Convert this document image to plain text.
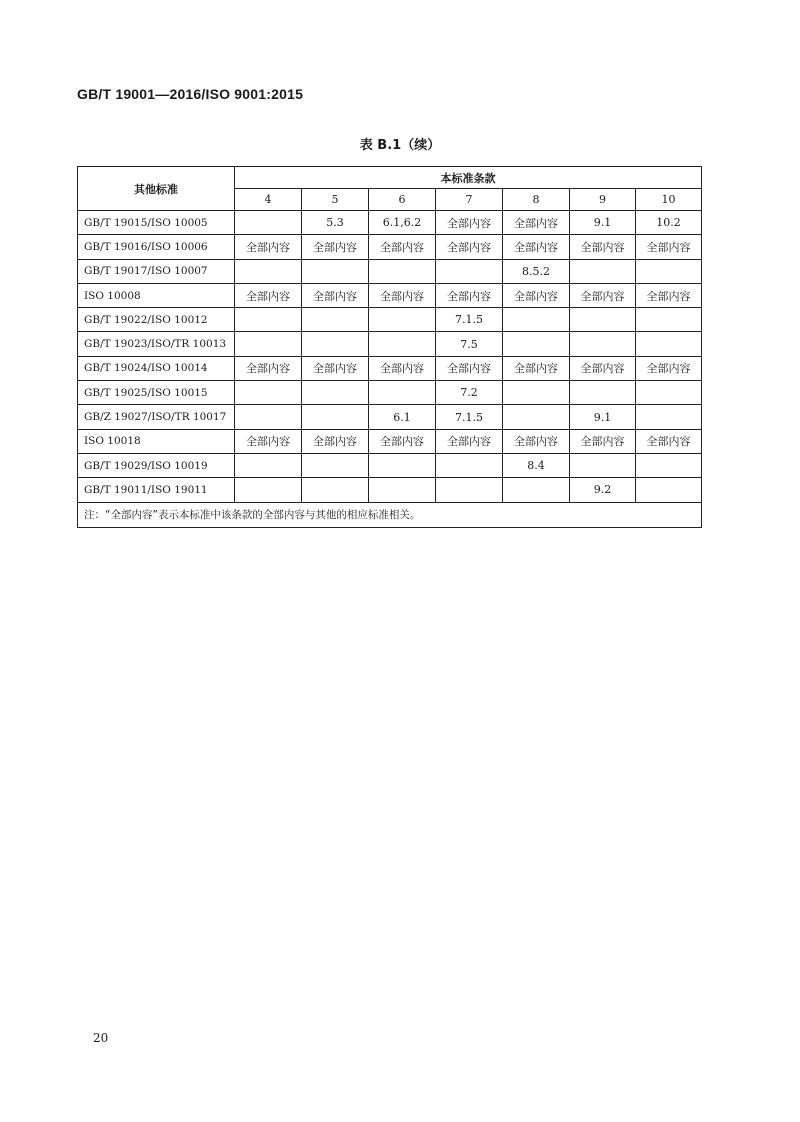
GB/T 19001—2016/ISO 9001:2015
表 B.1（续）
其他标准	本标准条款						
	4	5	6	7	8	9	10
GB/T 19015/ISO 10005		5.3	6.1,6.2	全部内容	全部内容	9.1	10.2
GB/T 19016/ISO 10006	全部内容	全部内容	全部内容	全部内容	全部内容	全部内容	全部内容
GB/T 19017/ISO 10007					8.5.2		
ISO 10008	全部内容	全部内容	全部内容	全部内容	全部内容	全部内容	全部内容
GB/T 19022/ISO 10012				7.1.5			
GB/T 19023/ISO/TR 10013				7.5			
GB/T 19024/ISO 10014	全部内容	全部内容	全部内容	全部内容	全部内容	全部内容	全部内容
GB/T 19025/ISO 10015				7.2			
GB/Z 19027/ISO/TR 10017			6.1	7.1.5		9.1	
ISO 10018	全部内容	全部内容	全部内容	全部内容	全部内容	全部内容	全部内容
GB/T 19029/ISO 10019					8.4		
GB/T 19011/ISO 19011						9.2	
注：“全部内容”表示本标准中该条款的全部内容与其他的相应标准相关。							
20
